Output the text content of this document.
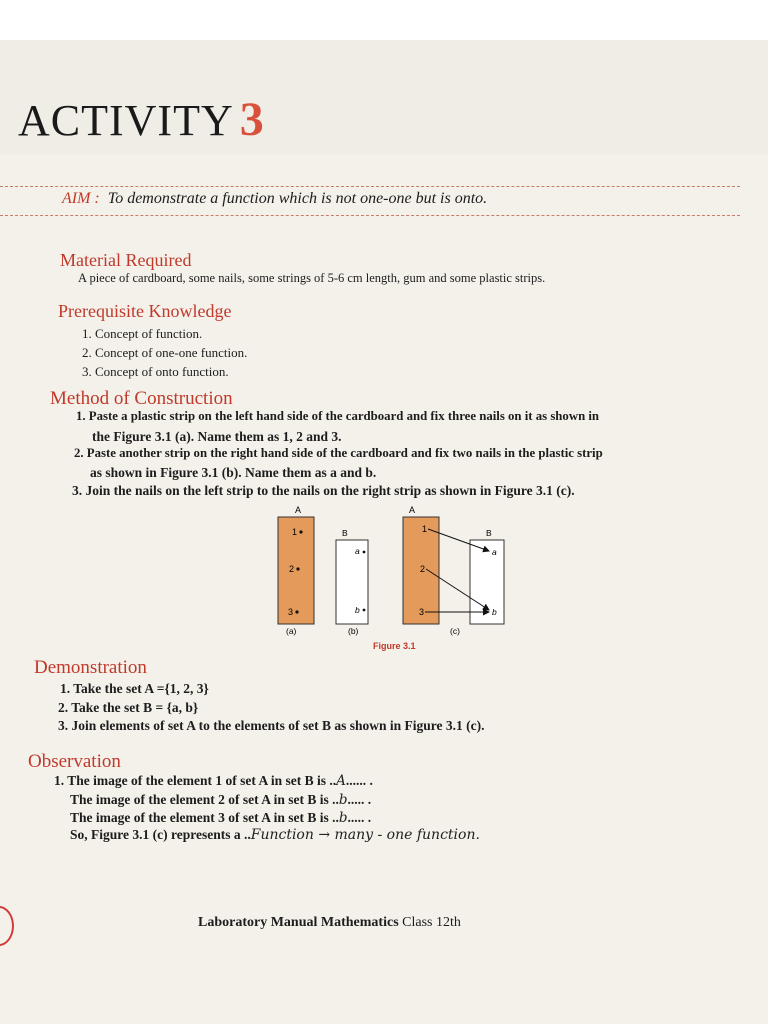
ACTIVITY 3
AIM : To demonstrate a function which is not one-one but is onto.
Material Required
A piece of cardboard, some nails, some strings of 5-6 cm length, gum and some plastic strips.
Prerequisite Knowledge
1. Concept of function.
2. Concept of one-one function.
3. Concept of onto function.
Method of Construction
1. Paste a plastic strip on the left hand side of the cardboard and fix three nails on it as shown in
the Figure 3.1 (a). Name them as 1, 2 and 3.
2. Paste another strip on the right hand side of the cardboard and fix two nails in the plastic strip
as shown in Figure 3.1 (b). Name them as a and b.
3. Join the nails on the left strip to the nails on the right strip as shown in Figure 3.1 (c).
A
1
2
3
(a)
B
a
b
(b)
A
1
2
3
B
a
b
(c)
Figure 3.1
Demonstration
1. Take the set A ={1, 2, 3}
2. Take the set B = {a, b}
3. Join elements of set A to the elements of set B as shown in Figure 3.1 (c).
Observation
1. The image of the element 1 of set A in set B is ..A...... .
The image of the element 2 of set A in set B is ..b..... .
The image of the element 3 of set A in set B is ..b..... .
So, Figure 3.1 (c) represents a ..Function → many - one function.
Laboratory Manual Mathematics Class 12th
